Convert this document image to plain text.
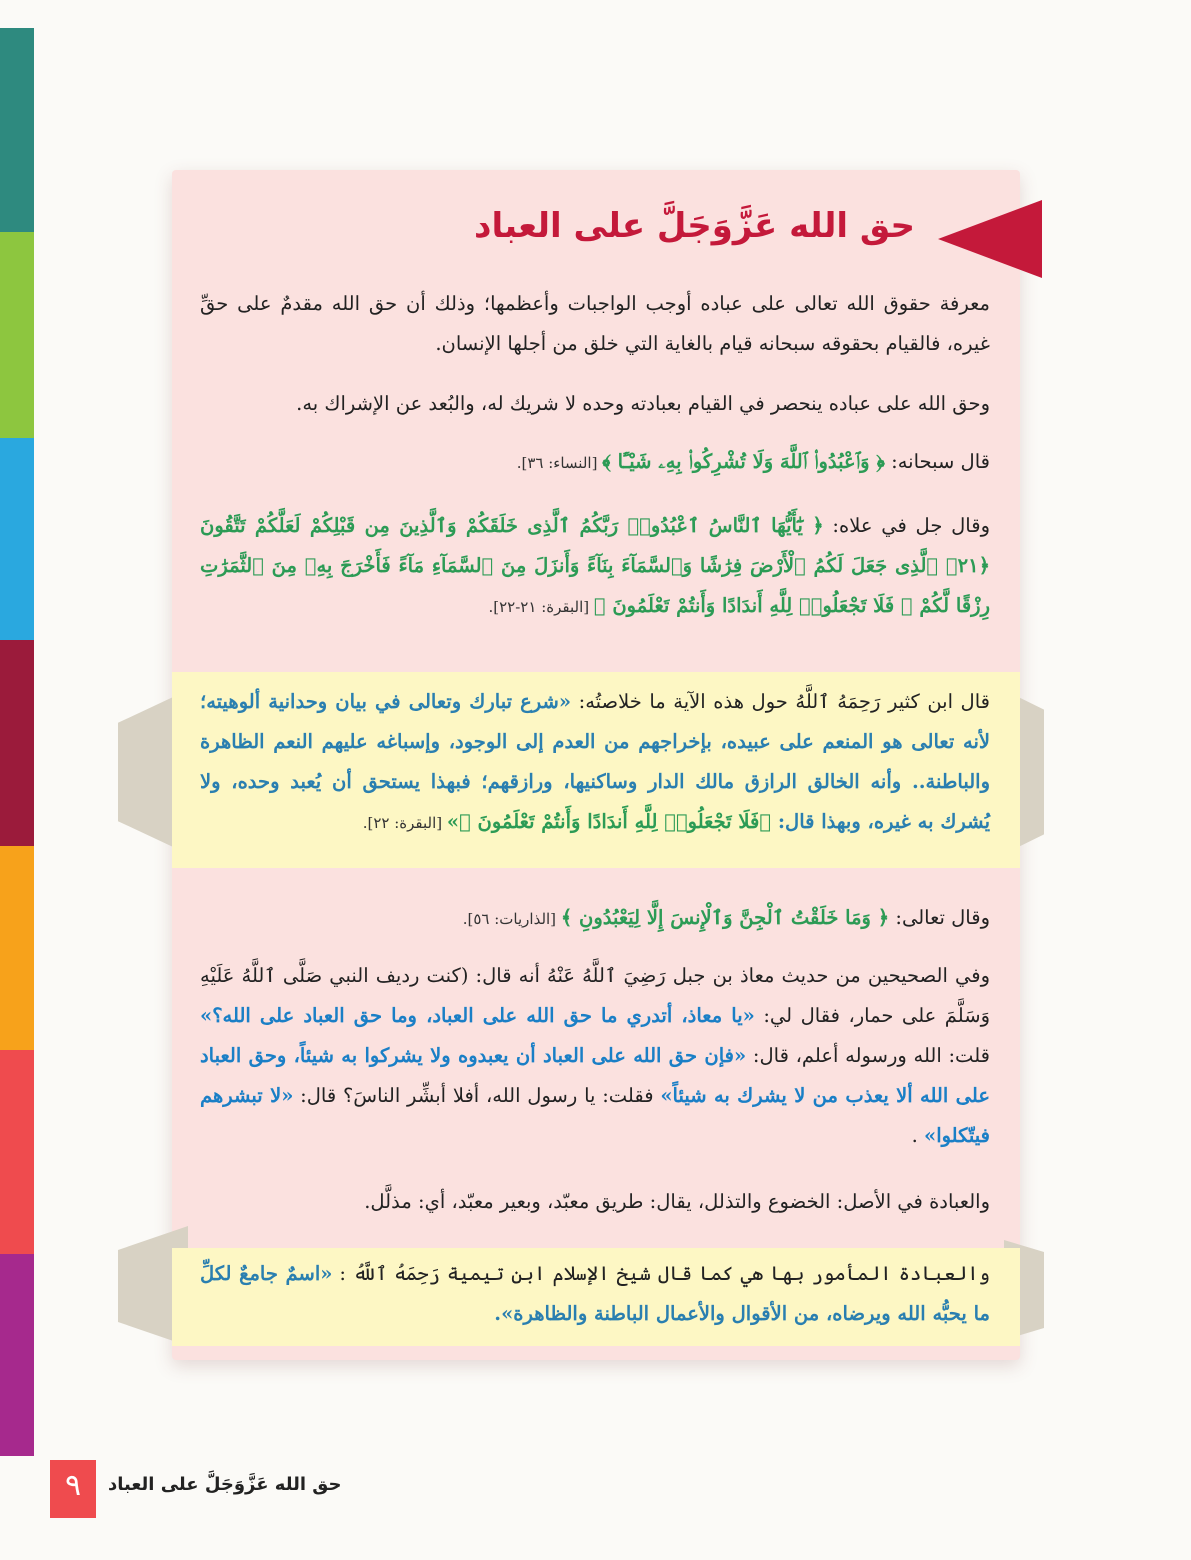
حق الله عَزَّوَجَلَّ على العباد

معرفة حقوق الله تعالى على عباده أوجب الواجبات وأعظمها؛ وذلك أن حق الله مقدمٌ على حقِّ غيره، فالقيام بحقوقه سبحانه قيام بالغاية التي خلق من أجلها الإنسان.

وحق الله على عباده ينحصر في القيام بعبادته وحده لا شريك له، والبُعد عن الإشراك به.

قال سبحانه: ﴿ وَٱعْبُدُوا۟ ٱللَّهَ وَلَا تُشْرِكُوا۟ بِهِۦ شَيْـًٔا ﴾ [النساء: ٣٦].

وقال جل في علاه: ﴿ يَٰٓأَيُّهَا ٱلنَّاسُ ٱعْبُدُوا۟ رَبَّكُمُ ٱلَّذِى خَلَقَكُمْ وَٱلَّذِينَ مِن قَبْلِكُمْ لَعَلَّكُمْ تَتَّقُونَ ﴿٢١﴾ ٱلَّذِى جَعَلَ لَكُمُ ٱلْأَرْضَ فِرَٰشًا وَٱلسَّمَآءَ بِنَآءً وَأَنزَلَ مِنَ ٱلسَّمَآءِ مَآءً فَأَخْرَجَ بِهِۦ مِنَ ٱلثَّمَرَٰتِ رِزْقًا لَّكُمْ ۖ فَلَا تَجْعَلُوا۟ لِلَّهِ أَندَادًا وَأَنتُمْ تَعْلَمُونَ ﴾ [البقرة: ٢١-٢٢].

قال ابن كثير رَحِمَهُ ٱللَّهُ حول هذه الآية ما خلاصتُه: «شرع تبارك وتعالى في بيان وحدانية ألوهيته؛ لأنه تعالى هو المنعم على عبيده، بإخراجهم من العدم إلى الوجود، وإسباغه عليهم النعم الظاهرة والباطنة.. وأنه الخالق الرازق مالك الدار وساكنيها، ورازقهم؛ فبهذا يستحق أن يُعبد وحده، ولا يُشرك به غيره، وبهذا قال: ﴿فَلَا تَجْعَلُوا۟ لِلَّهِ أَندَادًا وَأَنتُمْ تَعْلَمُونَ ﴾» [البقرة: ٢٢].

وقال تعالى: ﴿ وَمَا خَلَقْتُ ٱلْجِنَّ وَٱلْإِنسَ إِلَّا لِيَعْبُدُونِ ﴾ [الذاريات: ٥٦].

وفي الصحيحين من حديث معاذ بن جبل رَضِيَ ٱللَّهُ عَنْهُ أنه قال: (كنت رديف النبي صَلَّى ٱللَّهُ عَلَيْهِ وَسَلَّمَ على حمار، فقال لي: «يا معاذ، أتدري ما حق الله على العباد، وما حق العباد على الله؟» قلت: الله ورسوله أعلم، قال: «فإن حق الله على العباد أن يعبدوه ولا يشركوا به شيئاً، وحق العباد على الله ألا يعذب من لا يشرك به شيئاً» فقلت: يا رسول الله، أفلا أبشِّر الناسَ؟ قال: «لا تبشرهم فيتّكلوا» .

والعبادة في الأصل: الخضوع والتذلل، يقال: طريق معبّد، وبعير معبّد، أي: مذلَّل.

والعبادة المأمور بها هي كما قال شيخ الإسلام ابن تيمية رَحِمَهُ ٱللَّهُ : «اسمٌ جامعٌ لكلِّ ما يحبُّه الله ويرضاه، من الأقوال والأعمال الباطنة والظاهرة».

٩	حق الله عَزَّوَجَلَّ على العباد
